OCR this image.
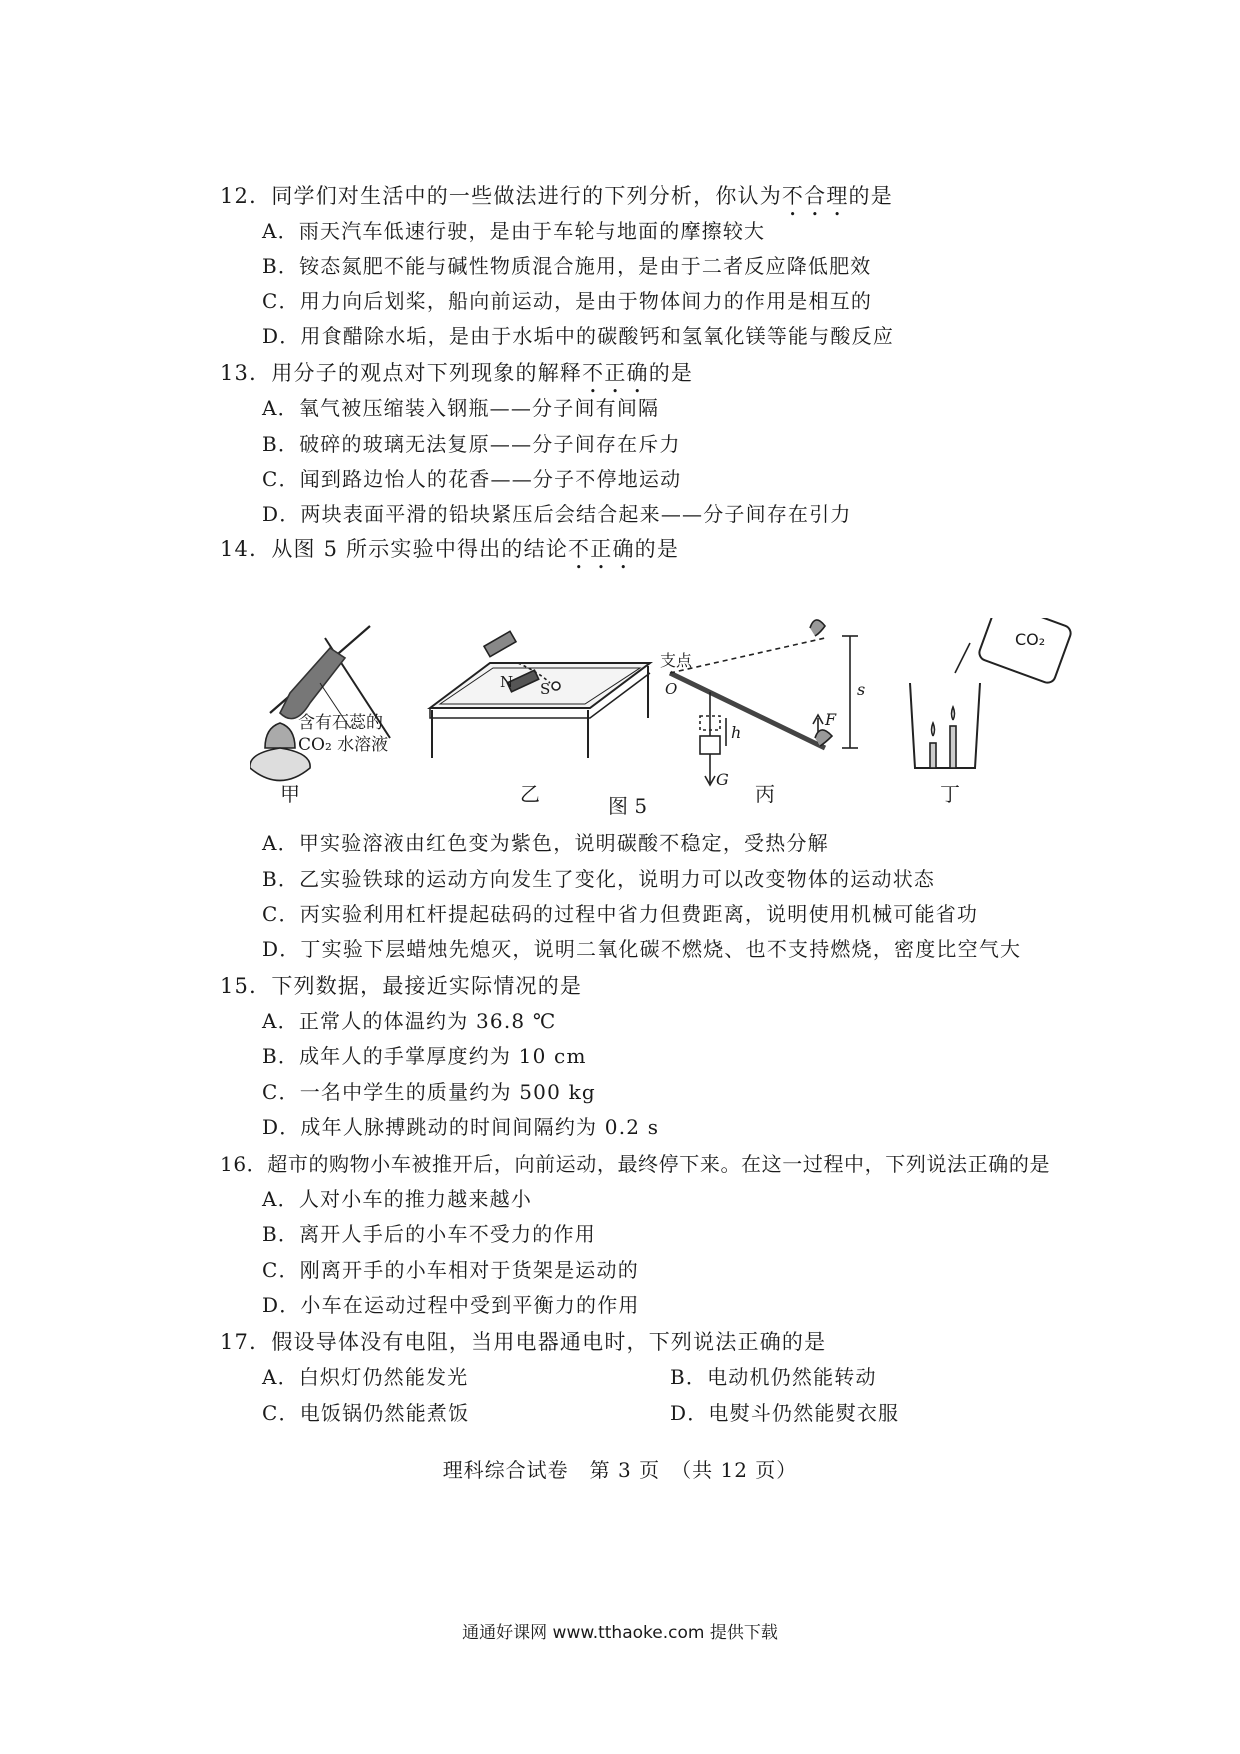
12．同学们对生活中的一些做法进行的下列分析，你认为不合理的是
A．雨天汽车低速行驶，是由于车轮与地面的摩擦较大
B．铵态氮肥不能与碱性物质混合施用，是由于二者反应降低肥效
C．用力向后划桨，船向前运动，是由于物体间力的作用是相互的
D．用食醋除水垢，是由于水垢中的碳酸钙和氢氧化镁等能与酸反应
13．用分子的观点对下列现象的解释不正确的是
A．氧气被压缩装入钢瓶——分子间有间隔
B．破碎的玻璃无法复原——分子间存在斥力
C．闻到路边怡人的花香——分子不停地运动
D．两块表面平滑的铅块紧压后会结合起来——分子间存在引力
14．从图 5 所示实验中得出的结论不正确的是
含有石蕊的
CO₂ 水溶液
N S
支点
O
F
s
h
G
CO₂
甲	乙	丙	丁
图 5
A．甲实验溶液由红色变为紫色，说明碳酸不稳定，受热分解
B．乙实验铁球的运动方向发生了变化，说明力可以改变物体的运动状态
C．丙实验利用杠杆提起砝码的过程中省力但费距离，说明使用机械可能省功
D．丁实验下层蜡烛先熄灭，说明二氧化碳不燃烧、也不支持燃烧，密度比空气大
15．下列数据，最接近实际情况的是
A．正常人的体温约为 36.8 ℃
B．成年人的手掌厚度约为 10 cm
C．一名中学生的质量约为 500 kg
D．成年人脉搏跳动的时间间隔约为 0.2 s
16．超市的购物小车被推开后，向前运动，最终停下来。在这一过程中，下列说法正确的是
A．人对小车的推力越来越小
B．离开人手后的小车不受力的作用
C．刚离开手的小车相对于货架是运动的
D．小车在运动过程中受到平衡力的作用
17．假设导体没有电阻，当用电器通电时，下列说法正确的是
A．白炽灯仍然能发光	B．电动机仍然能转动
C．电饭锅仍然能煮饭	D．电熨斗仍然能熨衣服
理科综合试卷　第 3 页　（共 12 页）
通通好课网 www.tthaoke.com 提供下载
